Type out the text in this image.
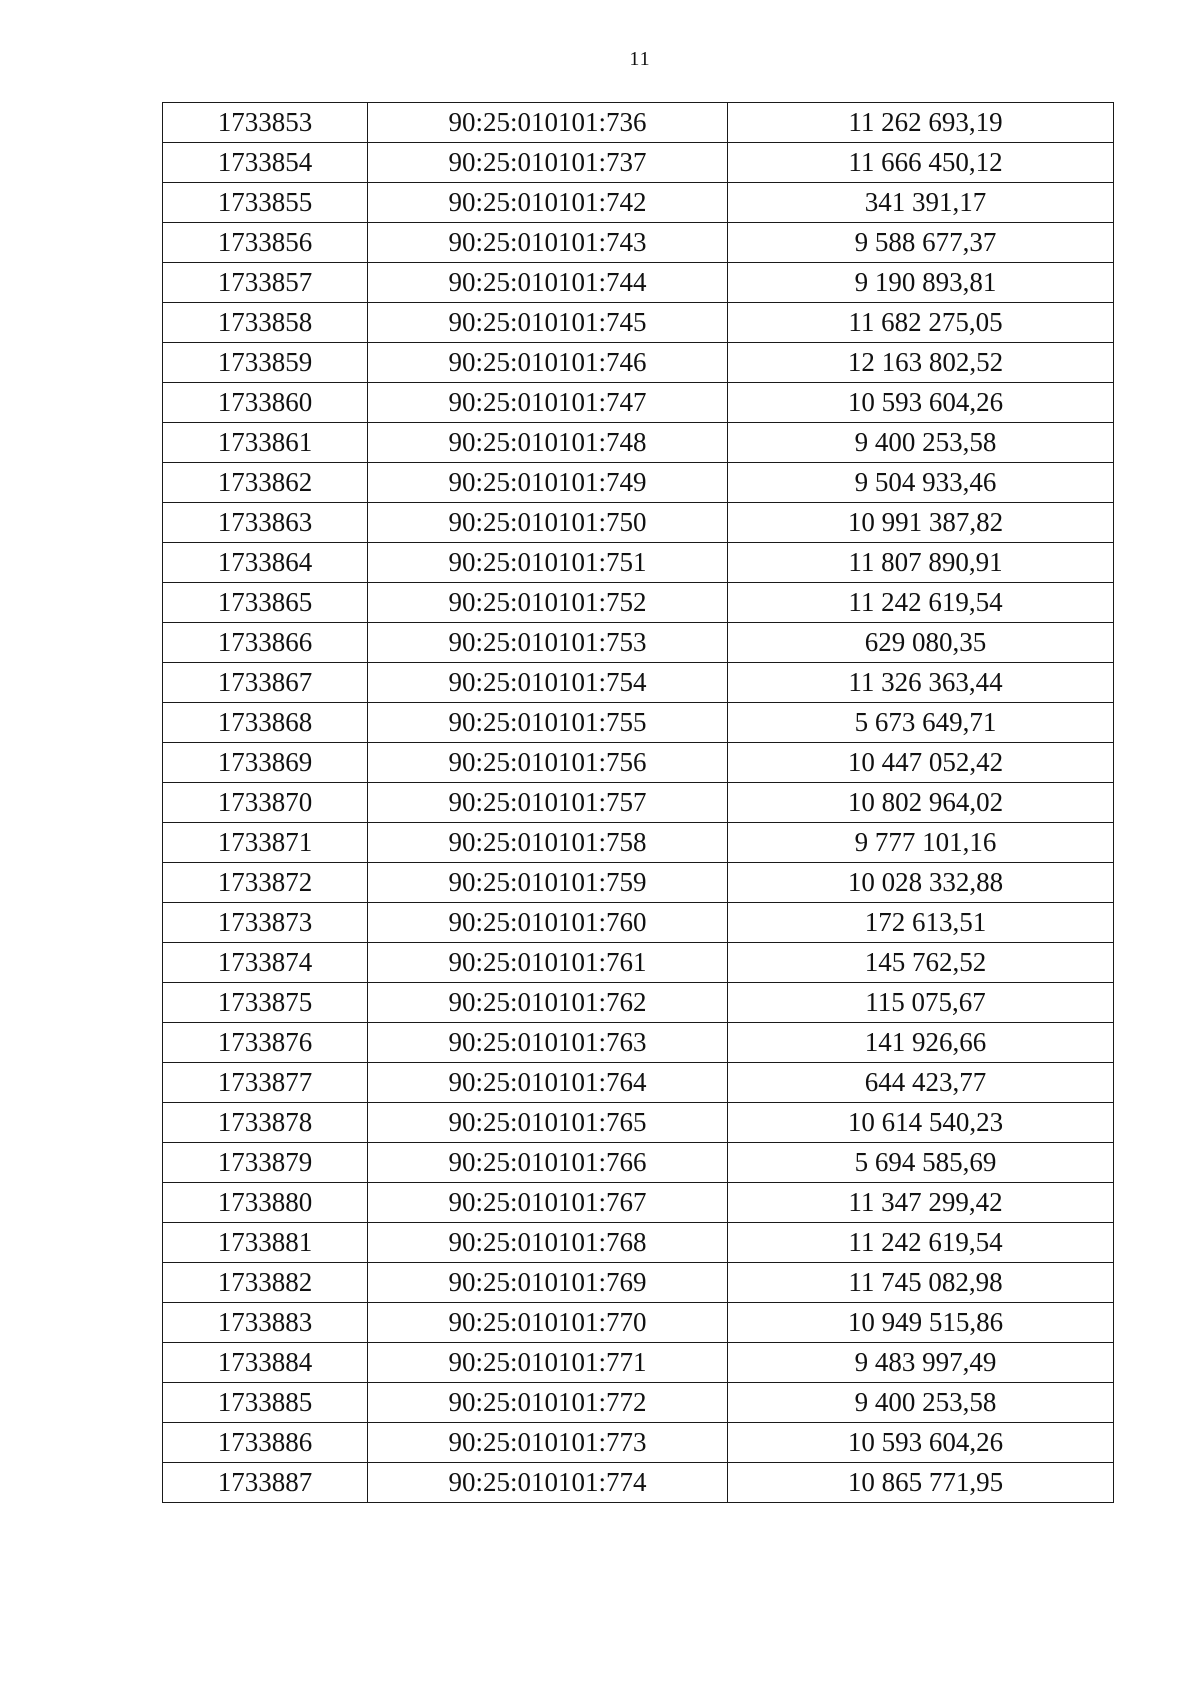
11
1733853	90:25:010101:736	11 262 693,19
1733854	90:25:010101:737	11 666 450,12
1733855	90:25:010101:742	341 391,17
1733856	90:25:010101:743	9 588 677,37
1733857	90:25:010101:744	9 190 893,81
1733858	90:25:010101:745	11 682 275,05
1733859	90:25:010101:746	12 163 802,52
1733860	90:25:010101:747	10 593 604,26
1733861	90:25:010101:748	9 400 253,58
1733862	90:25:010101:749	9 504 933,46
1733863	90:25:010101:750	10 991 387,82
1733864	90:25:010101:751	11 807 890,91
1733865	90:25:010101:752	11 242 619,54
1733866	90:25:010101:753	629 080,35
1733867	90:25:010101:754	11 326 363,44
1733868	90:25:010101:755	5 673 649,71
1733869	90:25:010101:756	10 447 052,42
1733870	90:25:010101:757	10 802 964,02
1733871	90:25:010101:758	9 777 101,16
1733872	90:25:010101:759	10 028 332,88
1733873	90:25:010101:760	172 613,51
1733874	90:25:010101:761	145 762,52
1733875	90:25:010101:762	115 075,67
1733876	90:25:010101:763	141 926,66
1733877	90:25:010101:764	644 423,77
1733878	90:25:010101:765	10 614 540,23
1733879	90:25:010101:766	5 694 585,69
1733880	90:25:010101:767	11 347 299,42
1733881	90:25:010101:768	11 242 619,54
1733882	90:25:010101:769	11 745 082,98
1733883	90:25:010101:770	10 949 515,86
1733884	90:25:010101:771	9 483 997,49
1733885	90:25:010101:772	9 400 253,58
1733886	90:25:010101:773	10 593 604,26
1733887	90:25:010101:774	10 865 771,95
